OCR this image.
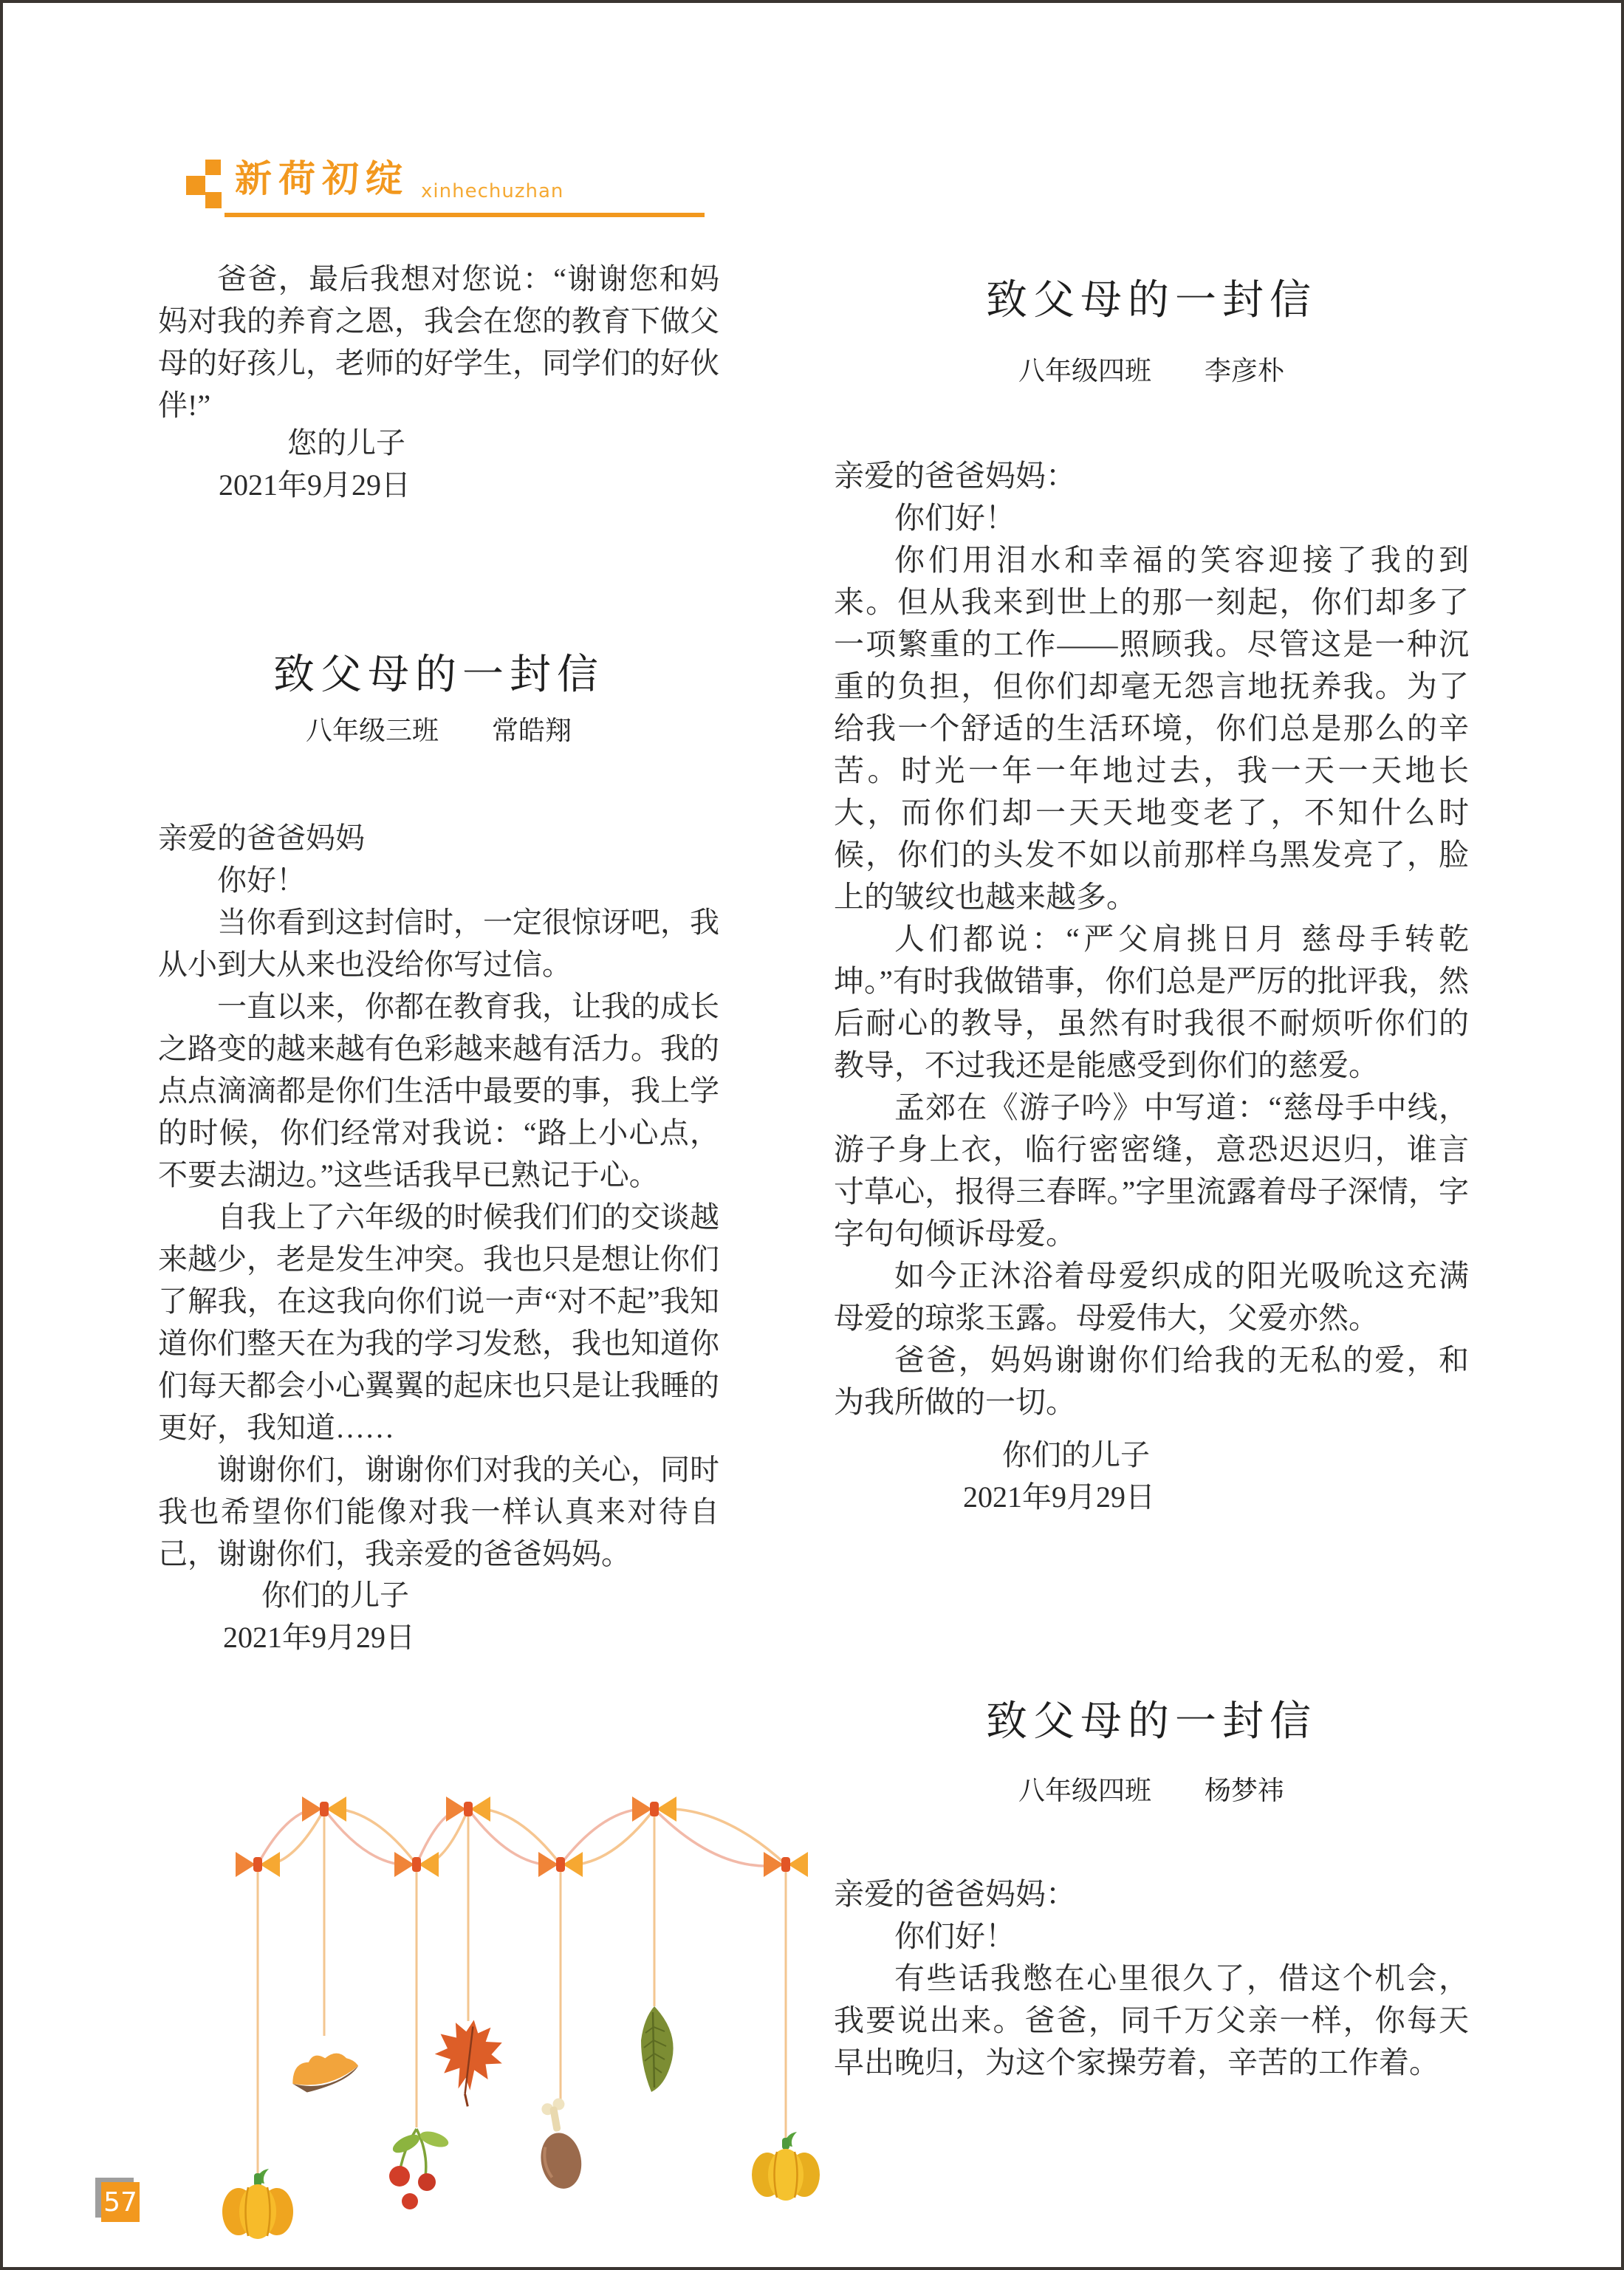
新荷初绽 xinhechuzhan

爸爸，最后我想对您说：“谢谢您和妈妈对我的养育之恩，我会在您的教育下做父母的好孩儿，老师的好学生，同学们的好伙伴!”

您的儿子
2021年9月29日
致父母的一封信
八年级三班　　常皓翔

亲爱的爸爸妈妈

你好！

当你看到这封信时，一定很惊讶吧，我从小到大从来也没给你写过信。

一直以来，你都在教育我，让我的成长之路变的越来越有色彩越来越有活力。我的点点滴滴都是你们生活中最要的事，我上学的时候，你们经常对我说：“路上小心点，不要去湖边。”这些话我早已熟记于心。

自我上了六年级的时候我们们的交谈越来越少，老是发生冲突。我也只是想让你们了解我，在这我向你们说一声“对不起”我知道你们整天在为我的学习发愁，我也知道你们每天都会小心翼翼的起床也只是让我睡的更好，我知道……

谢谢你们，谢谢你们对我的关心，同时我也希望你们能像对我一样认真来对待自己，谢谢你们，我亲爱的爸爸妈妈。

你们的儿子
2021年9月29日
致父母的一封信
八年级四班　　李彦朴

亲爱的爸爸妈妈：

你们好！

你们用泪水和幸福的笑容迎接了我的到来。但从我来到世上的那一刻起，你们却多了一项繁重的工作——照顾我。尽管这是一种沉重的负担，但你们却毫无怨言地抚养我。为了给我一个舒适的生活环境，你们总是那么的辛苦。时光一年一年地过去，我一天一天地长大，而你们却一天天地变老了，不知什么时候，你们的头发不如以前那样乌黑发亮了，脸上的皱纹也越来越多。

人们都说：“严父肩挑日月 慈母手转乾坤。”有时我做错事，你们总是严厉的批评我，然后耐心的教导，虽然有时我很不耐烦听你们的教导，不过我还是能感受到你们的慈爱。

孟郊在《游子吟》中写道：“慈母手中线，游子身上衣，临行密密缝，意恐迟迟归，谁言寸草心，报得三春晖。”字里流露着母子深情，字字句句倾诉母爱。

如今正沐浴着母爱织成的阳光吸吮这充满母爱的琼浆玉露。母爱伟大，父爱亦然。

爸爸，妈妈谢谢你们给我的无私的爱，和为我所做的一切。

你们的儿子
2021年9月29日
致父母的一封信
八年级四班　　杨梦祎

亲爱的爸爸妈妈：

你们好！

有些话我憋在心里很久了，借这个机会，我要说出来。爸爸，同千万父亲一样，你每天早出晚归，为这个家操劳着，辛苦的工作着。

57
